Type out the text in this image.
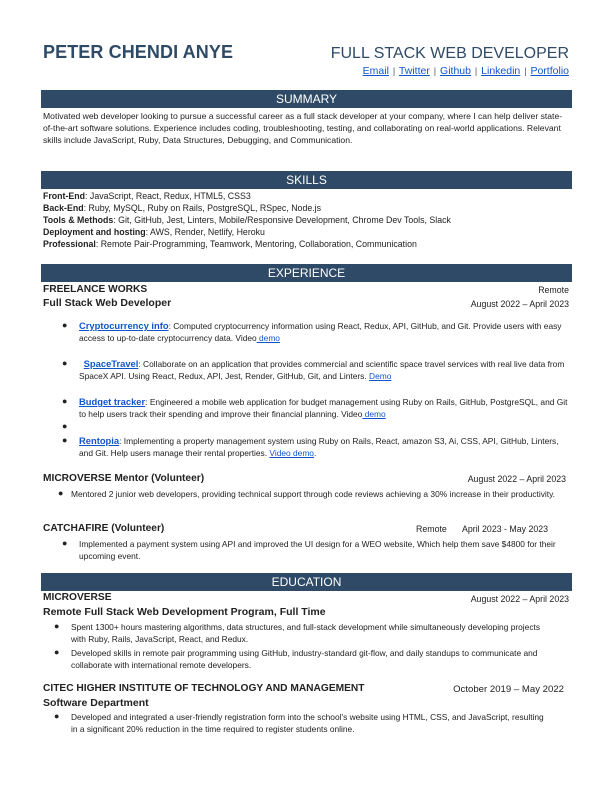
PETER CHENDI ANYE	FULL STACK WEB DEVELOPER
Email | Twitter | Github | Linkedin | Portfolio
SUMMARY
Motivated web developer looking to pursue a successful career as a full stack developer at your company, where I can help deliver state-of-the-art software solutions. Experience includes coding, troubleshooting, testing, and collaborating on real-world applications. Relevant skills include JavaScript, Ruby, Data Structures, Debugging, and Communication.
SKILLS
Front-End: JavaScript, React, Redux, HTML5, CSS3
Back-End: Ruby, MySQL, Ruby on Rails, PostgreSQL, RSpec, Node.js
Tools & Methods: Git, GitHub, Jest, Linters, Mobile/Responsive Development, Chrome Dev Tools, Slack
Deployment and hosting: AWS, Render, Netlify, Heroku
Professional: Remote Pair-Programming, Teamwork, Mentoring, Collaboration, Communication
EXPERIENCE
FREELANCE WORKS	Remote
Full Stack Web Developer	August 2022 – April 2023
● Cryptocurrency info: Computed cryptocurrency information using React, Redux, API, GitHub, and Git. Provide users with easy access to up-to-date cryptocurrency data. Video demo
● SpaceTravel: Collaborate on an application that provides commercial and scientific space travel services with real live data from SpaceX API. Using React, Redux, API, Jest, Render, GitHub, Git, and Linters. Demo
● Budget tracker: Engineered a mobile web application for budget management using Ruby on Rails, GitHub, PostgreSQL, and Git to help users track their spending and improve their financial planning. Video demo
●
● Rentopia: Implementing a property management system using Ruby on Rails, React, amazon S3, Ai, CSS, API, GitHub, Linters, and Git. Help users manage their rental properties. Video demo.
MICROVERSE Mentor (Volunteer)	August 2022 – April 2023
● Mentored 2 junior web developers, providing technical support through code reviews achieving a 30% increase in their productivity.
CATCHAFIRE (Volunteer)	Remote April 2023 - May 2023
● Implemented a payment system using API and improved the UI design for a WEO website, Which help them save $4800 for their upcoming event.
EDUCATION
MICROVERSE	August 2022 – April 2023
Remote Full Stack Web Development Program, Full Time
● Spent 1300+ hours mastering algorithms, data structures, and full-stack development while simultaneously developing projects with Ruby, Rails, JavaScript, React, and Redux.
● Developed skills in remote pair programming using GitHub, industry-standard git-flow, and daily standups to communicate and collaborate with international remote developers.
CITEC HIGHER INSTITUTE OF TECHNOLOGY AND MANAGEMENT	October 2019 – May 2022
Software Department
● Developed and integrated a user-friendly registration form into the school's website using HTML, CSS, and JavaScript, resulting in a significant 20% reduction in the time required to register students online.
